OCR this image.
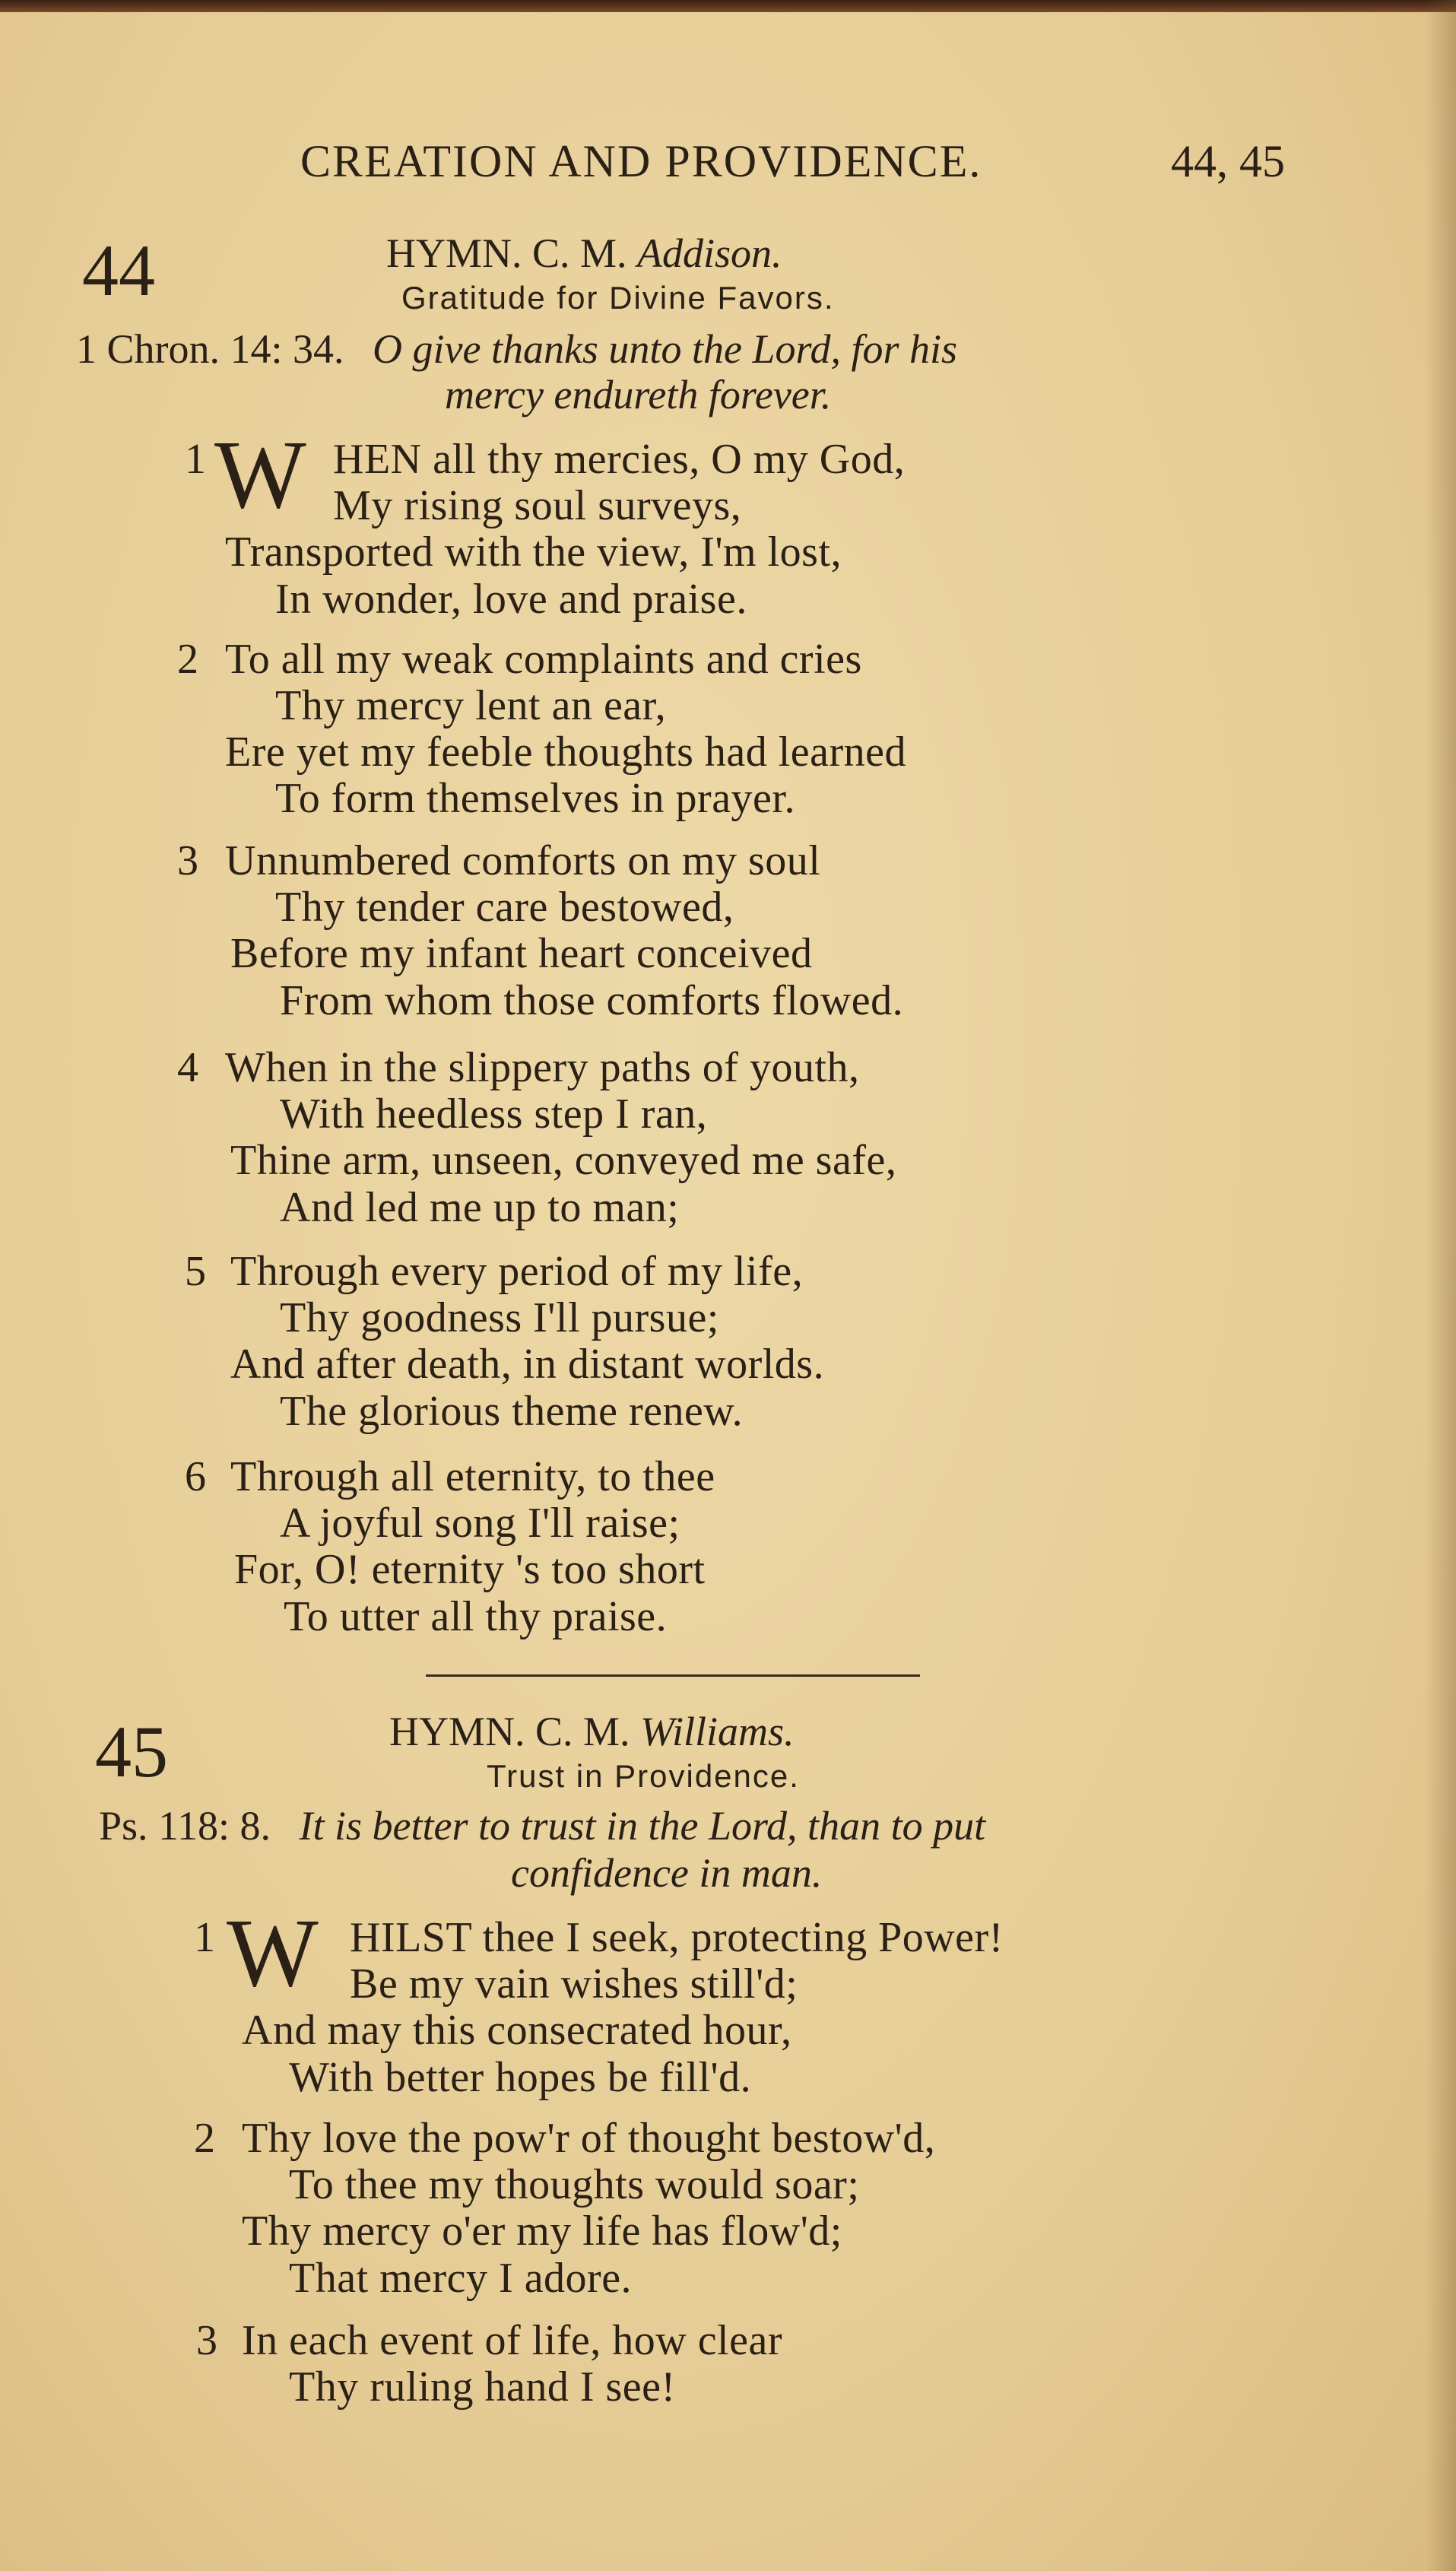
CREATION AND PROVIDENCE.	44, 45
44	HYMN. C. M. Addison.
Gratitude for Divine Favors.
1 Chron. 14: 34. O give thanks unto the Lord, for his
mercy endureth forever.
1 W HEN all thy mercies, O my God,
My rising soul surveys,
Transported with the view, I'm lost,
In wonder, love and praise.
2 To all my weak complaints and cries
Thy mercy lent an ear,
Ere yet my feeble thoughts had learned
To form themselves in prayer.
3 Unnumbered comforts on my soul
Thy tender care bestowed,
Before my infant heart conceived
From whom those comforts flowed.
4 When in the slippery paths of youth,
With heedless step I ran,
Thine arm, unseen, conveyed me safe,
And led me up to man;
5 Through every period of my life,
Thy goodness I'll pursue;
And after death, in distant worlds.
The glorious theme renew.
6 Through all eternity, to thee
A joyful song I'll raise;
For, O! eternity 's too short
To utter all thy praise.
45	HYMN. C. M. Williams.
Trust in Providence.
Ps. 118: 8. It is better to trust in the Lord, than to put
confidence in man.
1 W HILST thee I seek, protecting Power!
Be my vain wishes still'd;
And may this consecrated hour,
With better hopes be fill'd.
2 Thy love the pow'r of thought bestow'd,
To thee my thoughts would soar;
Thy mercy o'er my life has flow'd;
That mercy I adore.
3 In each event of life, how clear
Thy ruling hand I see!
